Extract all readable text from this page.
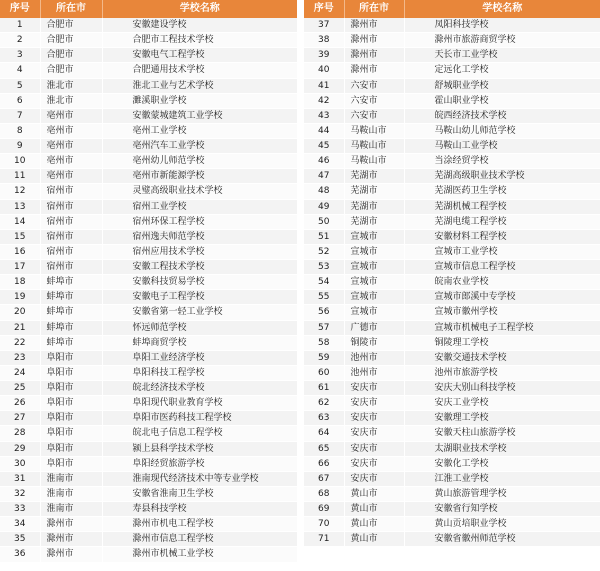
序号	所在市	学校名称
1	合肥市	安徽建设学校
2	合肥市	合肥市工程技术学校
3	合肥市	安徽电气工程学校
4	合肥市	合肥通用技术学校
5	淮北市	淮北工业与艺术学校
6	淮北市	濉溪职业学校
7	亳州市	安徽蒙城建筑工业学校
8	亳州市	亳州工业学校
9	亳州市	亳州汽车工业学校
10	亳州市	亳州幼儿师范学校
11	亳州市	亳州市新能源学校
12	宿州市	灵璧高级职业技术学校
13	宿州市	宿州工业学校
14	宿州市	宿州环保工程学校
15	宿州市	宿州逸夫师范学校
16	宿州市	宿州应用技术学校
17	宿州市	安徽工程技术学校
18	蚌埠市	安徽科技贸易学校
19	蚌埠市	安徽电子工程学校
20	蚌埠市	安徽省第一轻工业学校
21	蚌埠市	怀远师范学校
22	蚌埠市	蚌埠商贸学校
23	阜阳市	阜阳工业经济学校
24	阜阳市	阜阳科技工程学校
25	阜阳市	皖北经济技术学校
26	阜阳市	阜阳现代职业教育学校
27	阜阳市	阜阳市医药科技工程学校
28	阜阳市	皖北电子信息工程学校
29	阜阳市	颍上县科学技术学校
30	阜阳市	阜阳经贸旅游学校
31	淮南市	淮南现代经济技术中等专业学校
32	淮南市	安徽省淮南卫生学校
33	淮南市	寿县科技学校
34	滁州市	滁州市机电工程学校
35	滁州市	滁州市信息工程学校
36	滁州市	滁州市机械工业学校
序号	所在市	学校名称
37	滁州市	凤阳科技学校
38	滁州市	滁州市旅游商贸学校
39	滁州市	天长市工业学校
40	滁州市	定远化工学校
41	六安市	舒城职业学校
42	六安市	霍山职业学校
43	六安市	皖西经济技术学校
44	马鞍山市	马鞍山幼儿师范学校
45	马鞍山市	马鞍山工业学校
46	马鞍山市	当涂经贸学校
47	芜湖市	芜湖高级职业技术学校
48	芜湖市	芜湖医药卫生学校
49	芜湖市	芜湖机械工程学校
50	芜湖市	芜湖电缆工程学校
51	宣城市	安徽材料工程学校
52	宣城市	宣城市工业学校
53	宣城市	宣城市信息工程学校
54	宣城市	皖南农业学校
55	宣城市	宣城市郎溪中专学校
56	宣城市	宣城市徽州学校
57	广德市	宣城市机械电子工程学校
58	铜陵市	铜陵理工学校
59	池州市	安徽交通技术学校
60	池州市	池州市旅游学校
61	安庆市	安庆大别山科技学校
62	安庆市	安庆工业学校
63	安庆市	安徽理工学校
64	安庆市	安徽天柱山旅游学校
65	安庆市	太湖职业技术学校
66	安庆市	安徽化工学校
67	安庆市	江淮工业学校
68	黄山市	黄山旅游管理学校
69	黄山市	安徽省行知学校
70	黄山市	黄山贡培职业学校
71	黄山市	安徽省徽州师范学校
